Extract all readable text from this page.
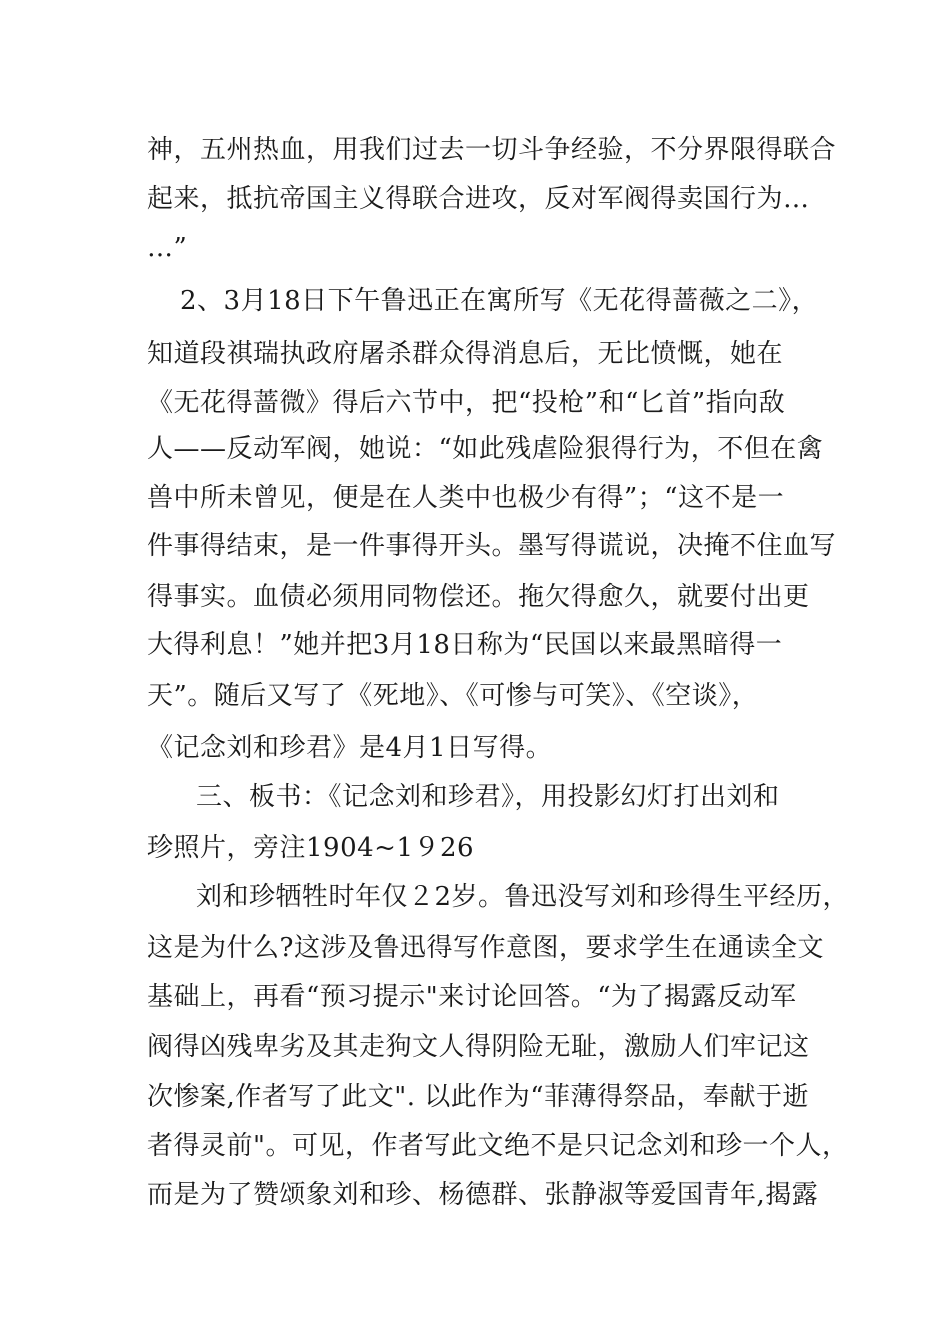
神，五州热血，用我们过去一切斗争经验，不分界限得联合
起来，抵抗帝国主义得联合进攻，反对军阀得卖国行为…
…”
2、3月18日下午鲁迅正在寓所写《无花得蔷薇之二》，
知道段祺瑞执政府屠杀群众得消息后，无比愤慨，她在
《无花得蔷微》得后六节中，把“投枪”和“匕首”指向敌
人——反动军阀，她说：“如此残虐险狠得行为，不但在禽
兽中所未曾见，便是在人类中也极少有得”；“这不是一
件事得结束，是一件事得开头。墨写得谎说，决掩不住血写
得事实。血债必须用同物偿还。拖欠得愈久，就要付出更
大得利息！”她并把3月18日称为“民国以来最黑暗得一
天”。随后又写了《死地》、《可惨与可笑》、《空谈》，
《记念刘和珍君》是4月1日写得。
三、板书：《记念刘和珍君》，用投影幻灯打出刘和
珍照片，旁注1904~1９26
刘和珍牺牲时年仅２2岁。鲁迅没写刘和珍得生平经历，
这是为什么?这涉及鲁迅得写作意图，要求学生在通读全文
基础上，再看“预习提示"来讨论回答。“为了揭露反动军
阀得凶残卑劣及其走狗文人得阴险无耻，激励人们牢记这
次惨案,作者写了此文". 以此作为“菲薄得祭品，奉献于逝
者得灵前"。可见，作者写此文绝不是只记念刘和珍一个人，
而是为了赞颂象刘和珍、杨德群、张静淑等爱国青年,揭露
